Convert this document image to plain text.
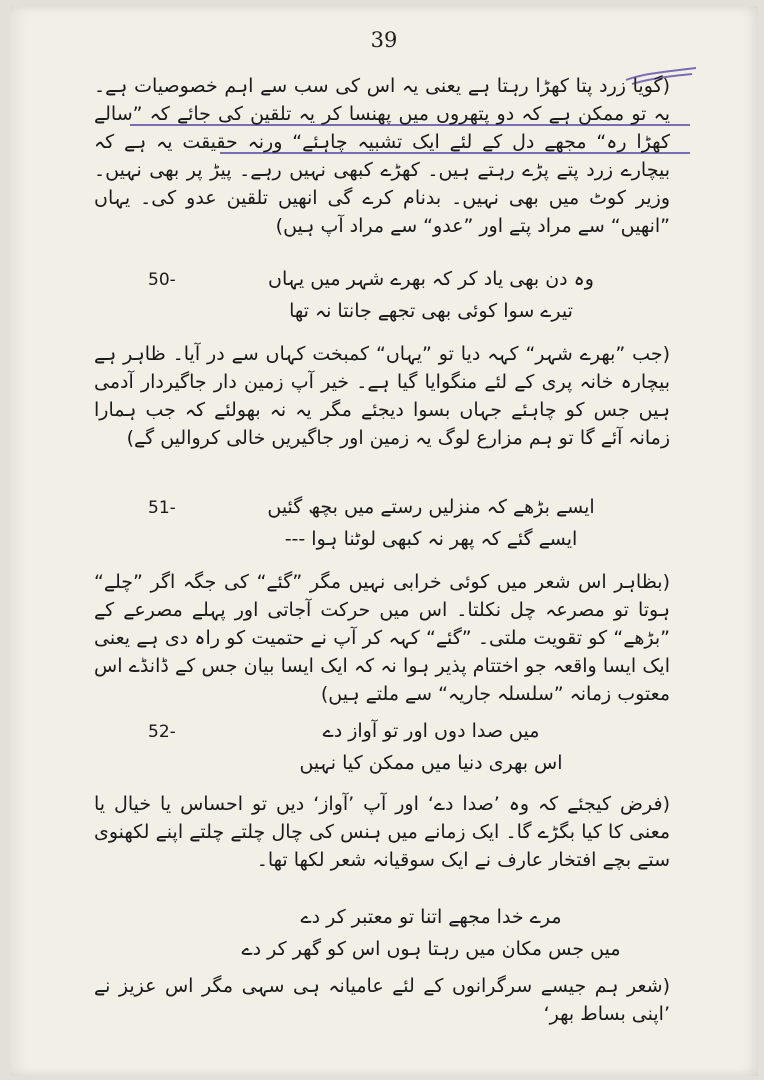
39
(گویا زرد پتا کھڑا رہتا ہے یعنی یہ اس کی سب سے اہم خصوصیات ہے۔ یہ تو ممکن ہے کہ دو پتھروں میں پھنسا کر یہ تلقین کی جائے کہ ”سالے کھڑا رہ“ مجھے دل کے لئے ایک تشبیہ چاہئے“ ورنہ حقیقت یہ ہے کہ بیچارے زرد پتے پڑے رہتے ہیں۔ کھڑے کبھی نہیں رہے۔ پیڑ پر بھی نہیں۔ وزیر کوٹ میں بھی نہیں۔ بدنام کرے گی انھیں تلقین عدو کی۔ یہاں ”انھیں“ سے مراد پتے اور ”عدو“ سے مراد آپ ہیں)
وہ دن بھی یاد کر کہ بھرے شہر میں یہاں50-
تیرے سوا کوئی بھی تجھے جانتا نہ تھا
(جب ”بھرے شہر“ کہہ دیا تو ”یہاں“ کمبخت کہاں سے در آیا۔ ظاہر ہے بیچارہ خانہ پری کے لئے منگوایا گیا ہے۔ خیر آپ زمین دار جاگیردار آدمی ہیں جس کو چاہئے جہاں بسوا دیجئے مگر یہ نہ بھولئے کہ جب ہمارا زمانہ آئے گا تو ہم مزارع لوگ یہ زمین اور جاگیریں خالی کروالیں گے)
ایسے بڑھے کہ منزلیں رستے میں بچھ گئیں51-
ایسے گئے کہ پھر نہ کبھی لوٹنا ہوا ---
(بظاہر اس شعر میں کوئی خرابی نہیں مگر ”گئے“ کی جگہ اگر ”چلے“ ہوتا تو مصرعہ چل نکلتا۔ اس میں حرکت آجاتی اور پہلے مصرعے کے ”بڑھے“ کو تقویت ملتی۔ ”گئے“ کہہ کر آپ نے حتمیت کو راہ دی ہے یعنی ایک ایسا واقعہ جو اختتام پذیر ہوا نہ کہ ایک ایسا بیان جس کے ڈانڈے اس معتوب زمانہ ”سلسلہ جاریہ“ سے ملتے ہیں)
میں صدا دوں اور تو آواز دے52-
اس بھری دنیا میں ممکن کیا نہیں
(فرض کیجئے کہ وہ ’صدا دے‘ اور آپ ’آواز‘ دیں تو احساس یا خیال یا معنی کا کیا بگڑے گا۔ ایک زمانے میں ہنس کی چال چلتے چلتے اپنے لکھنوی ستے بچے افتخار عارف نے ایک سوقیانہ شعر لکھا تھا۔
مرے خدا مجھے اتنا تو معتبر کر دے
میں جس مکان میں رہتا ہوں اس کو گھر کر دے
(شعر ہم جیسے سرگرانوں کے لئے عامیانہ ہی سہی مگر اس عزیز نے ’اپنی بساط بھر‘
